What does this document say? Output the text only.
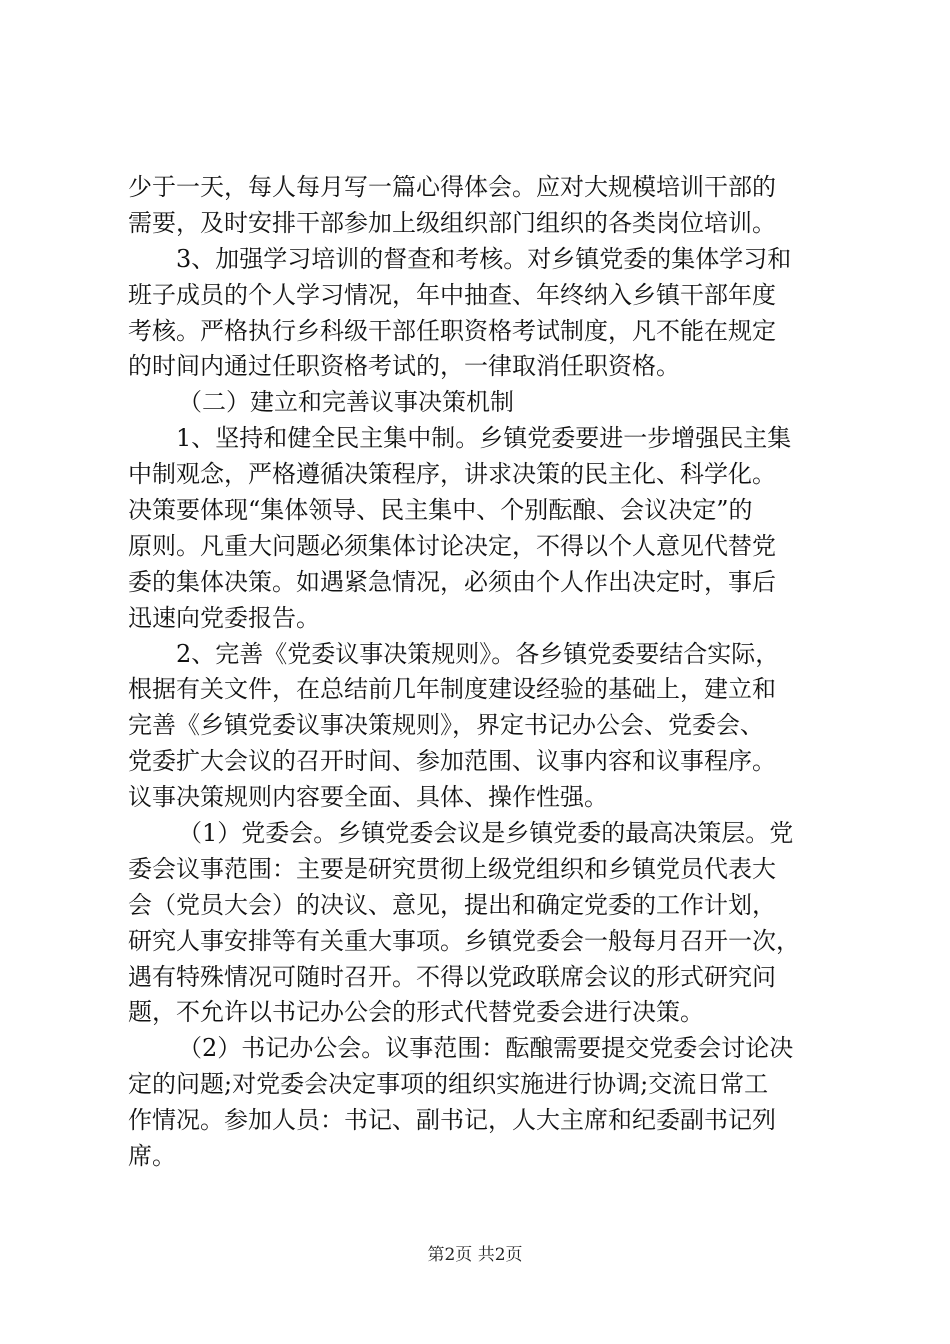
少于一天，每人每月写一篇心得体会。应对大规模培训干部的
需要，及时安排干部参加上级组织部门组织的各类岗位培训。
3、加强学习培训的督查和考核。对乡镇党委的集体学习和
班子成员的个人学习情况，年中抽查、年终纳入乡镇干部年度
考核。严格执行乡科级干部任职资格考试制度，凡不能在规定
的时间内通过任职资格考试的，一律取消任职资格。
（二）建立和完善议事决策机制
1、坚持和健全民主集中制。乡镇党委要进一步增强民主集
中制观念，严格遵循决策程序，讲求决策的民主化、科学化。
决策要体现“集体领导、民主集中、个别酝酿、会议决定”的
原则。凡重大问题必须集体讨论决定，不得以个人意见代替党
委的集体决策。如遇紧急情况，必须由个人作出决定时，事后
迅速向党委报告。
2、完善《党委议事决策规则》。各乡镇党委要结合实际，
根据有关文件，在总结前几年制度建设经验的基础上，建立和
完善《乡镇党委议事决策规则》，界定书记办公会、党委会、
党委扩大会议的召开时间、参加范围、议事内容和议事程序。
议事决策规则内容要全面、具体、操作性强。
（1）党委会。乡镇党委会议是乡镇党委的最高决策层。党
委会议事范围：主要是研究贯彻上级党组织和乡镇党员代表大
会（党员大会）的决议、意见，提出和确定党委的工作计划，
研究人事安排等有关重大事项。乡镇党委会一般每月召开一次，
遇有特殊情况可随时召开。不得以党政联席会议的形式研究问
题，不允许以书记办公会的形式代替党委会进行决策。
（2）书记办公会。议事范围：酝酿需要提交党委会讨论决
定的问题;对党委会决定事项的组织实施进行协调;交流日常工
作情况。参加人员：书记、副书记，人大主席和纪委副书记列
席。
第2页 共2页
